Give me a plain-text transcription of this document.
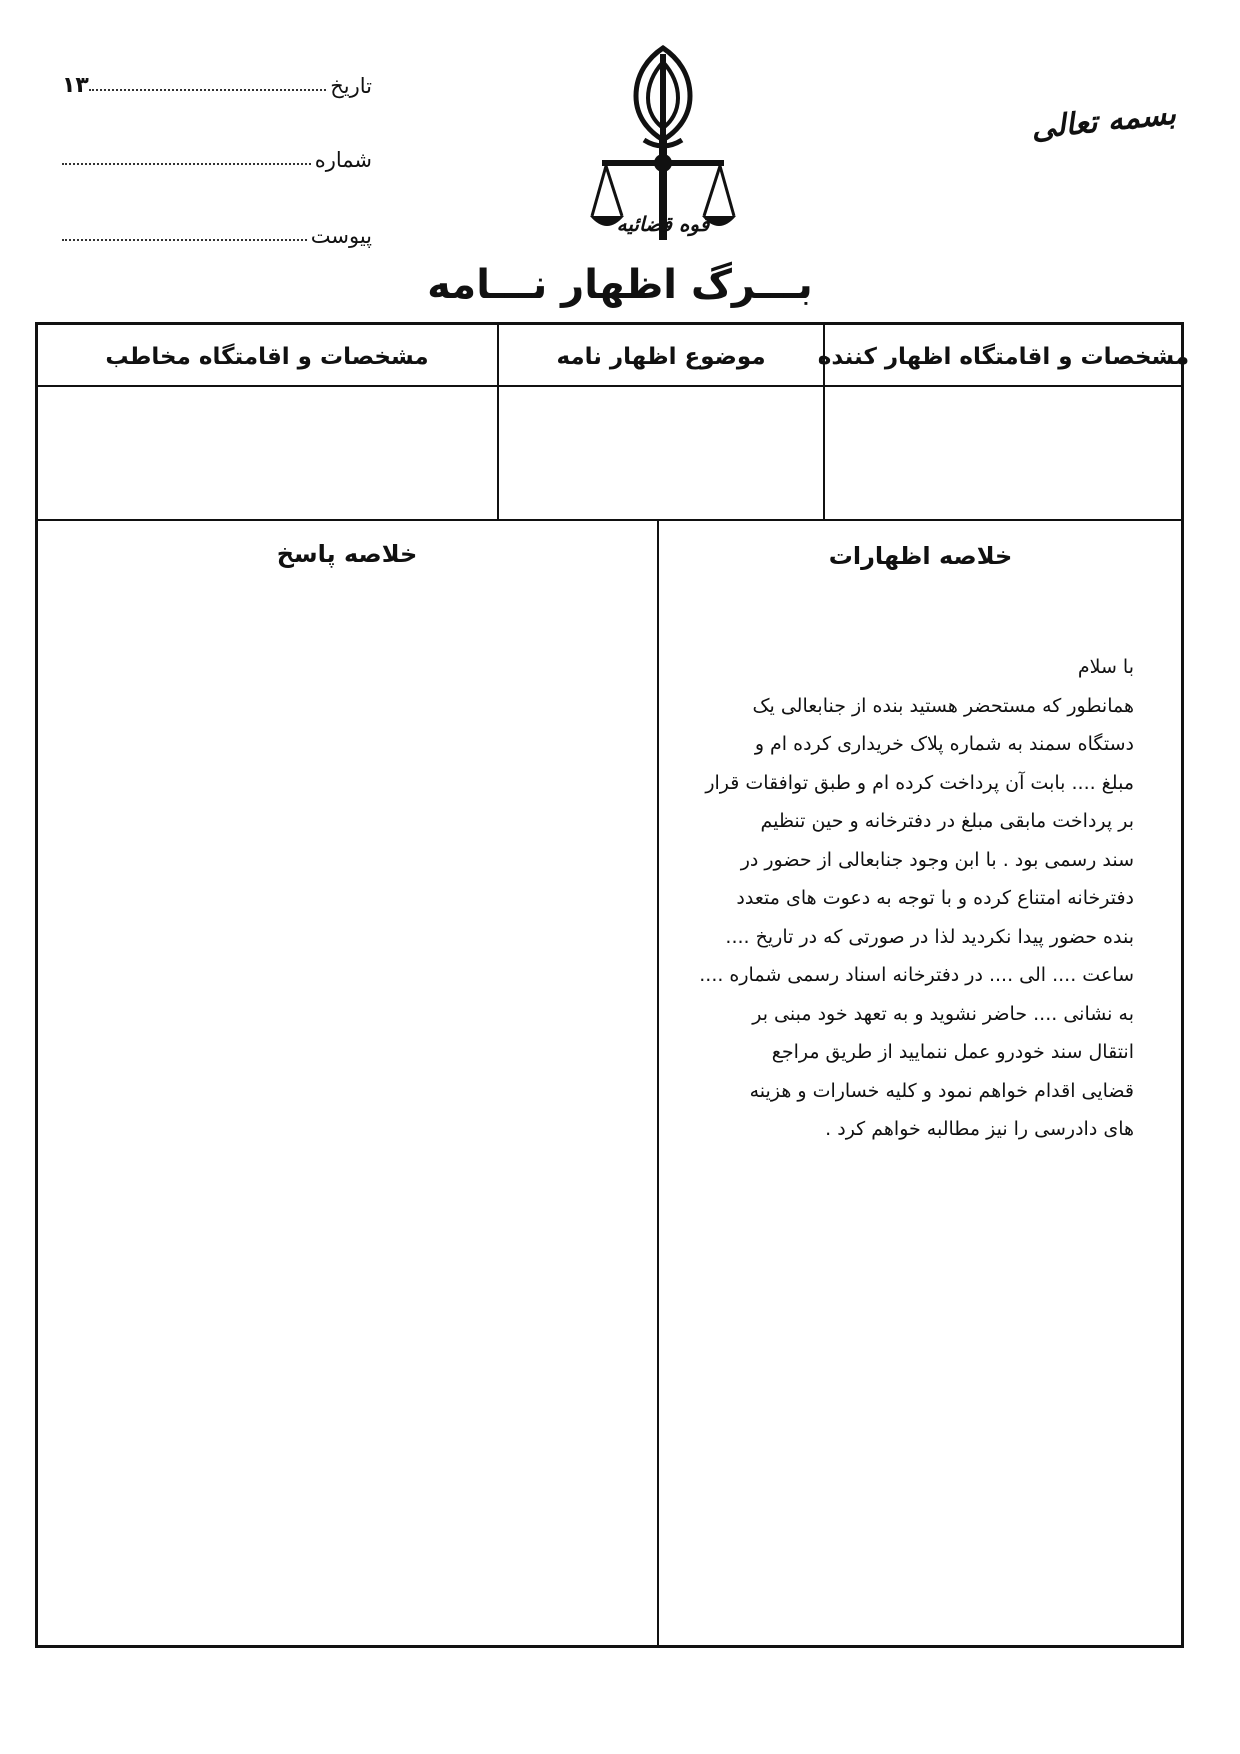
تاریخ
۱۳
شماره
پیوست
بسمه تعالی
قوه قضائیه
بـــرگ اظهار نـــامه
مشخصات و اقامتگاه اظهار کننده
موضوع اظهار نامه
مشخصات و اقامتگاه مخاطب
خلاصه اظهارات
خلاصه پاسخ
با سلام
همانطور که مستحضر هستید بنده از جنابعالی یک
دستگاه سمند به شماره پلاک خریداری کرده ام و
مبلغ .... بابت آن پرداخت کرده ام و طبق توافقات قرار
بر پرداخت مابقی مبلغ در دفترخانه و حین تنظیم
سند رسمی بود . با ابن وجود جنابعالی از حضور در
دفترخانه امتناع کرده و با توجه به دعوت های متعدد
بنده حضور پیدا نکردید لذا در صورتی که در تاریخ ....
ساعت .... الی .... در دفترخانه اسناد رسمی شماره ....
به نشانی .... حاضر نشوید و به تعهد خود مبنی بر
انتقال سند خودرو عمل ننمایید از طریق مراجع
قضایی اقدام خواهم نمود و کلیه خسارات و هزینه
های دادرسی را نیز مطالبه خواهم کرد .
